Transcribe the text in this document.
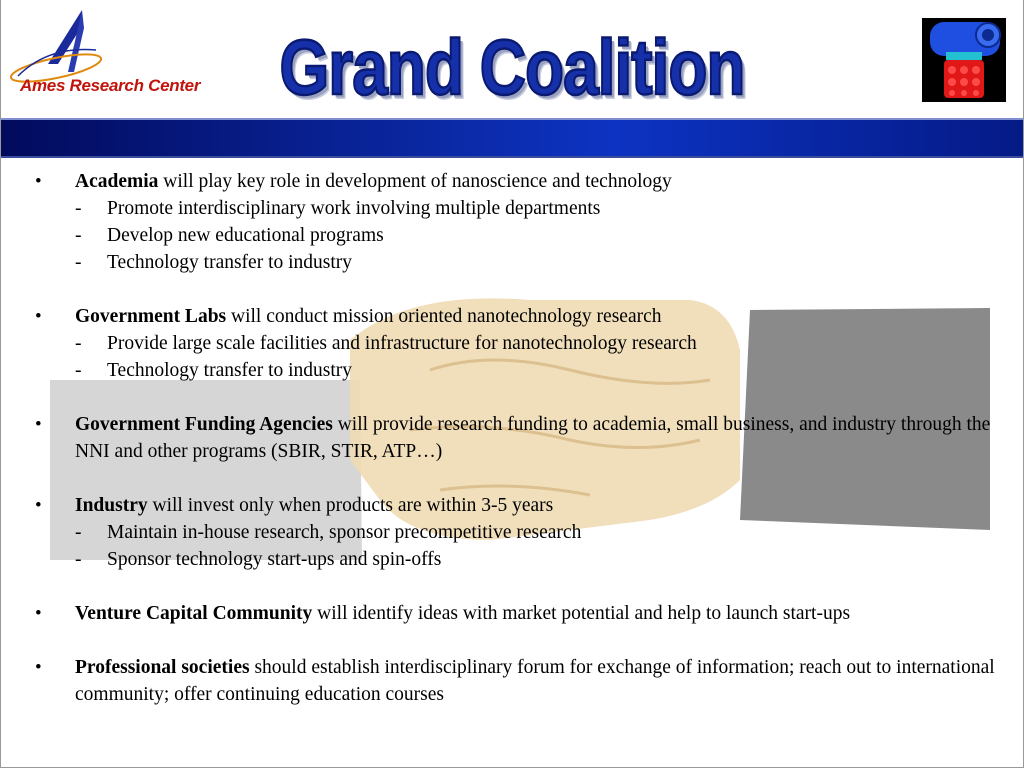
Ames Research Center	Grand Coalition
• Academia will play key role in development of nanoscience and technology
- Promote interdisciplinary work involving multiple departments
- Develop new educational programs
- Technology transfer to industry
• Government Labs will conduct mission oriented nanotechnology research
- Provide large scale facilities and infrastructure for nanotechnology research
- Technology transfer to industry
• Government Funding Agencies will provide research funding to academia, small business, and industry through the NNI and other programs (SBIR, STIR, ATP…)
• Industry will invest only when products are within 3-5 years
- Maintain in-house research, sponsor precompetitive research
- Sponsor technology start-ups and spin-offs
• Venture Capital Community will identify ideas with market potential and help to launch start-ups
• Professional societies should establish interdisciplinary forum for exchange of information; reach out to international community; offer continuing education courses
